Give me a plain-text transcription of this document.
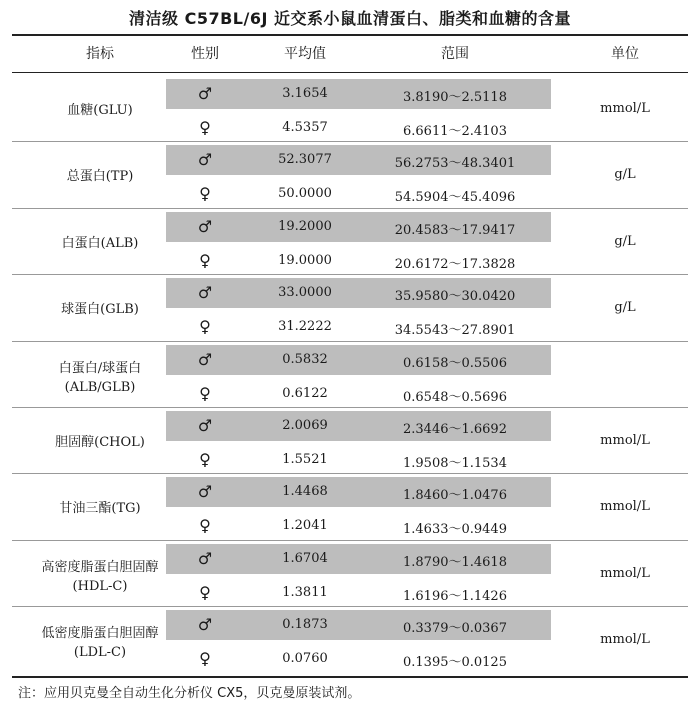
清洁级 C57BL/6J 近交系小鼠血清蛋白、脂类和血糖的含量
指标	性别	平均值	范围	单位
血糖(GLU)
♂	3.1654	3.8190～2.5118
♀	4.5357	6.6611～2.4103
mmol/L
总蛋白(TP)
♂	52.3077	56.2753～48.3401
♀	50.0000	54.5904～45.4096
g/L
白蛋白(ALB)
♂	19.2000	20.4583～17.9417
♀	19.0000	20.6172～17.3828
g/L
球蛋白(GLB)
♂	33.0000	35.9580～30.0420
♀	31.2222	34.5543～27.8901
g/L
白蛋白/球蛋白
(ALB/GLB)
♂	0.5832	0.6158～0.5506
♀	0.6122	0.6548～0.5696
胆固醇(CHOL)
♂	2.0069	2.3446～1.6692
♀	1.5521	1.9508～1.1534
mmol/L
甘油三酯(TG)
♂	1.4468	1.8460～1.0476
♀	1.2041	1.4633～0.9449
mmol/L
高密度脂蛋白胆固醇
(HDL-C)
♂	1.6704	1.8790～1.4618
♀	1.3811	1.6196～1.1426
mmol/L
低密度脂蛋白胆固醇
(LDL-C)
♂	0.1873	0.3379～0.0367
♀	0.0760	0.1395～0.0125
mmol/L
注：应用贝克曼全自动生化分析仪 CX5，贝克曼原装试剂。
